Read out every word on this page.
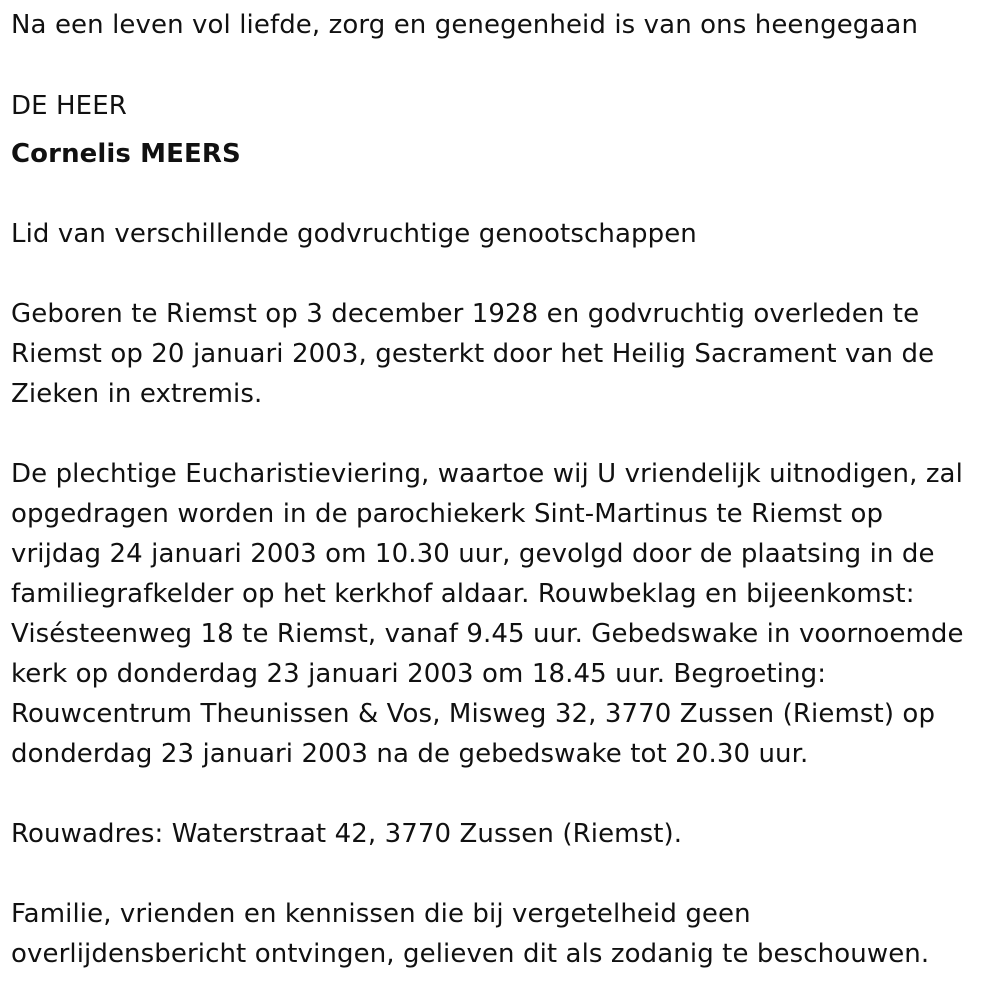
Na een leven vol liefde, zorg en genegenheid is van ons heengegaan

DE HEER

Cornelis MEERS

Lid van verschillende godvruchtige genootschappen

Geboren te Riemst op 3 december 1928 en godvruchtig overleden te
Riemst op 20 januari 2003, gesterkt door het Heilig Sacrament van de
Zieken in extremis.

De plechtige Eucharistieviering, waartoe wij U vriendelijk uitnodigen, zal
opgedragen worden in de parochiekerk Sint-Martinus te Riemst op
vrijdag 24 januari 2003 om 10.30 uur, gevolgd door de plaatsing in de
familiegrafkelder op het kerkhof aldaar. Rouwbeklag en bijeenkomst:
Visésteenweg 18 te Riemst, vanaf 9.45 uur. Gebedswake in voornoemde
kerk op donderdag 23 januari 2003 om 18.45 uur. Begroeting:
Rouwcentrum Theunissen & Vos, Misweg 32, 3770 Zussen (Riemst) op
donderdag 23 januari 2003 na de gebedswake tot 20.30 uur.

Rouwadres: Waterstraat 42, 3770 Zussen (Riemst).

Familie, vrienden en kennissen die bij vergetelheid geen
overlijdensbericht ontvingen, gelieven dit als zodanig te beschouwen.
